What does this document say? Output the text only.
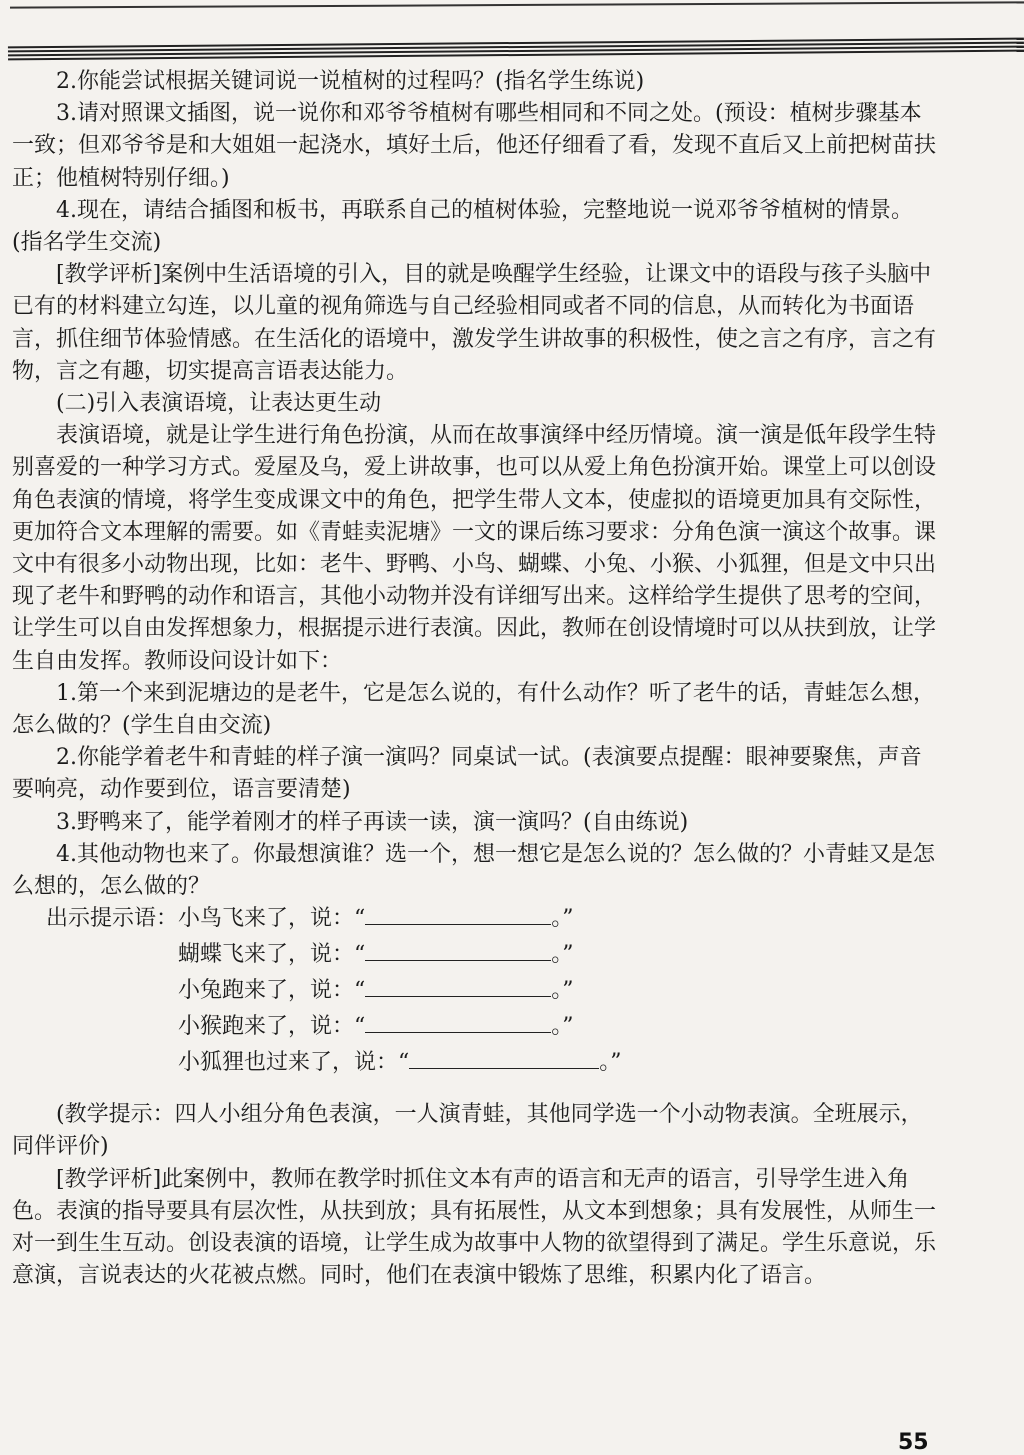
2.你能尝试根据关键词说一说植树的过程吗？(指名学生练说)

3.请对照课文插图，说一说你和邓爷爷植树有哪些相同和不同之处。(预设：植树步骤基本一致；但邓爷爷是和大姐姐一起浇水，填好土后，他还仔细看了看，发现不直后又上前把树苗扶正；他植树特别仔细。)

4.现在，请结合插图和板书，再联系自己的植树体验，完整地说一说邓爷爷植树的情景。(指名学生交流)

[教学评析]案例中生活语境的引入，目的就是唤醒学生经验，让课文中的语段与孩子头脑中已有的材料建立勾连，以儿童的视角筛选与自己经验相同或者不同的信息，从而转化为书面语言，抓住细节体验情感。在生活化的语境中，激发学生讲故事的积极性，使之言之有序，言之有物，言之有趣，切实提高言语表达能力。

(二)引入表演语境，让表达更生动

表演语境，就是让学生进行角色扮演，从而在故事演绎中经历情境。演一演是低年段学生特别喜爱的一种学习方式。爱屋及乌，爱上讲故事，也可以从爱上角色扮演开始。课堂上可以创设角色表演的情境，将学生变成课文中的角色，把学生带人文本，使虚拟的语境更加具有交际性，更加符合文本理解的需要。如《青蛙卖泥塘》一文的课后练习要求：分角色演一演这个故事。课文中有很多小动物出现，比如：老牛、野鸭、小鸟、蝴蝶、小兔、小猴、小狐狸，但是文中只出现了老牛和野鸭的动作和语言，其他小动物并没有详细写出来。这样给学生提供了思考的空间，让学生可以自由发挥想象力，根据提示进行表演。因此，教师在创设情境时可以从扶到放，让学生自由发挥。教师设问设计如下：

1.第一个来到泥塘边的是老牛，它是怎么说的，有什么动作？听了老牛的话，青蛙怎么想，怎么做的？(学生自由交流)

2.你能学着老牛和青蛙的样子演一演吗？同桌试一试。(表演要点提醒：眼神要聚焦，声音要响亮，动作要到位，语言要清楚)

3.野鸭来了，能学着刚才的样子再读一读，演一演吗？(自由练说)

4.其他动物也来了。你最想演谁？选一个，想一想它是怎么说的？怎么做的？小青蛙又是怎么想的，怎么做的？

出示提示语：小鸟飞来了，说：“	。”
蝴蝶飞来了，说：“	。”
小兔跑来了，说：“	。”
小猴跑来了，说：“	。”
小狐狸也过来了，说：“	。”

(教学提示：四人小组分角色表演，一人演青蛙，其他同学选一个小动物表演。全班展示，同伴评价)

[教学评析]此案例中，教师在教学时抓住文本有声的语言和无声的语言，引导学生进入角色。表演的指导要具有层次性，从扶到放；具有拓展性，从文本到想象；具有发展性，从师生一对一到生生互动。创设表演的语境，让学生成为故事中人物的欲望得到了满足。学生乐意说，乐意演，言说表达的火花被点燃。同时，他们在表演中锻炼了思维，积累内化了语言。

55
